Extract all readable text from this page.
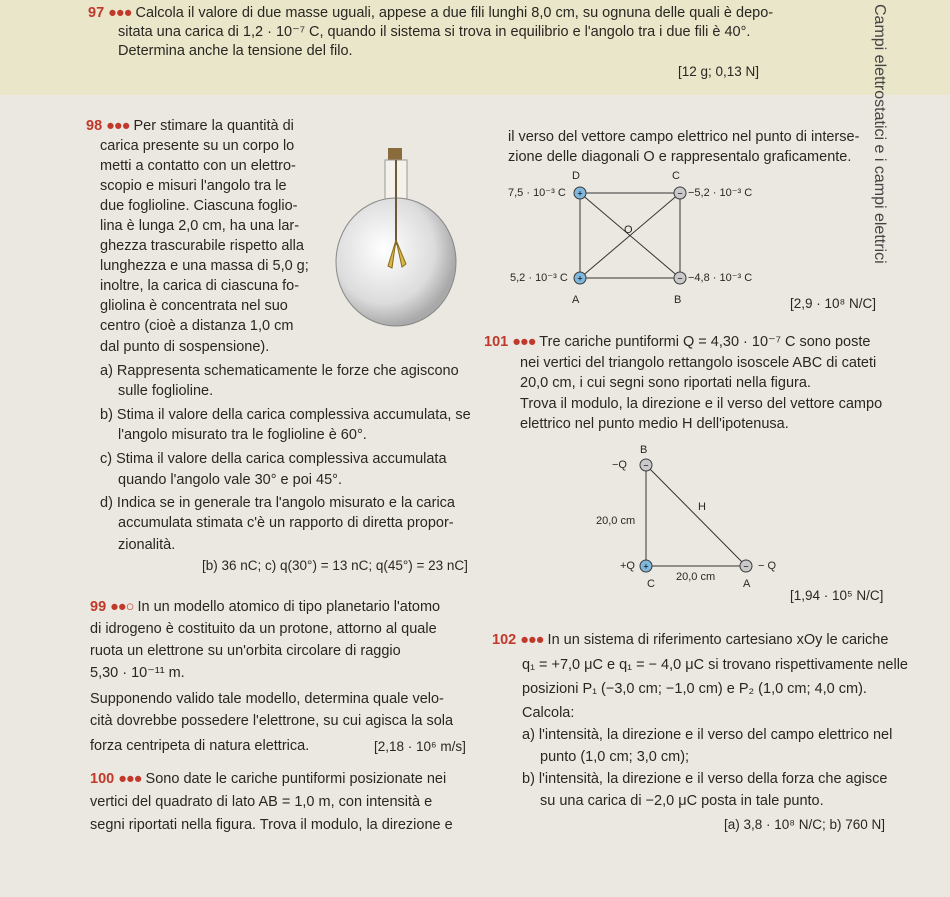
Campi elettrostatici e i campi elettrici
97 ●●● Calcola il valore di due masse uguali, appese a due fili lunghi 8,0 cm, su ognuna delle quali è depo-
sitata una carica di 1,2 · 10⁻⁷ C, quando il sistema si trova in equilibrio e l'angolo tra i due fili è 40°.
Determina anche la tensione del filo.
[12 g; 0,13 N]
98 ●●● Per stimare la quantità di
carica presente su un corpo lo
metti a contatto con un elettro-
scopio e misuri l'angolo tra le
due foglioline. Ciascuna foglio-
lina è lunga 2,0 cm, ha una lar-
ghezza trascurabile rispetto alla
lunghezza e una massa di 5,0 g;
inoltre, la carica di ciascuna fo-
gliolina è concentrata nel suo
centro (cioè a distanza 1,0 cm
dal punto di sospensione).
a) Rappresenta schematicamente le forze che agiscono
sulle foglioline.
b) Stima il valore della carica complessiva accumulata, se
l'angolo misurato tra le foglioline è 60°.
c) Stima il valore della carica complessiva accumulata
quando l'angolo vale 30° e poi 45°.
d) Indica se in generale tra l'angolo misurato e la carica
accumulata stimata c'è un rapporto di diretta propor-
zionalità.
[b) 36 nC; c) q(30°) = 13 nC; q(45°) = 23 nC]
il verso del vettore campo elettrico nel punto di interse-
zione delle diagonali O e rappresentalo graficamente.
+	−
+	−
D	C
A	B
O
7,5 · 10⁻³ C	−5,2 · 10⁻³ C
5,2 · 10⁻³ C	−4,8 · 10⁻³ C
[2,9 · 10⁸ N/C]
101 ●●● Tre cariche puntiformi Q = 4,30 · 10⁻⁷ C sono poste
nei vertici del triangolo rettangolo isoscele ABC di cateti
20,0 cm, i cui segni sono riportati nella figura.
Trova il modulo, la direzione e il verso del vettore campo
elettrico nel punto medio H dell'ipotenusa.
+
−
−
B
H
C	A
−Q
+Q	− Q
20,0 cm
20,0 cm
[1,94 · 10⁵ N/C]
99 ●●○ In un modello atomico di tipo planetario l'atomo
di idrogeno è costituito da un protone, attorno al quale
ruota un elettrone su un'orbita circolare di raggio
5,30 · 10⁻¹¹ m.
Supponendo valido tale modello, determina quale velo-
cità dovrebbe possedere l'elettrone, su cui agisca la sola
forza centripeta di natura elettrica.	[2,18 · 10⁶ m/s]
102 ●●● In un sistema di riferimento cartesiano xOy le cariche
q₁ = +7,0 μC e q₁ = − 4,0 μC si trovano rispettivamente nelle
posizioni P₁ (−3,0 cm; −1,0 cm) e P₂ (1,0 cm; 4,0 cm).
Calcola:
a) l'intensità, la direzione e il verso del campo elettrico nel
punto (1,0 cm; 3,0 cm);
b) l'intensità, la direzione e il verso della forza che agisce
su una carica di −2,0 μC posta in tale punto.
[a) 3,8 · 10⁸ N/C; b) 760 N]
100 ●●● Sono date le cariche puntiformi posizionate nei
vertici del quadrato di lato AB = 1,0 m, con intensità e
segni riportati nella figura. Trova il modulo, la direzione e
